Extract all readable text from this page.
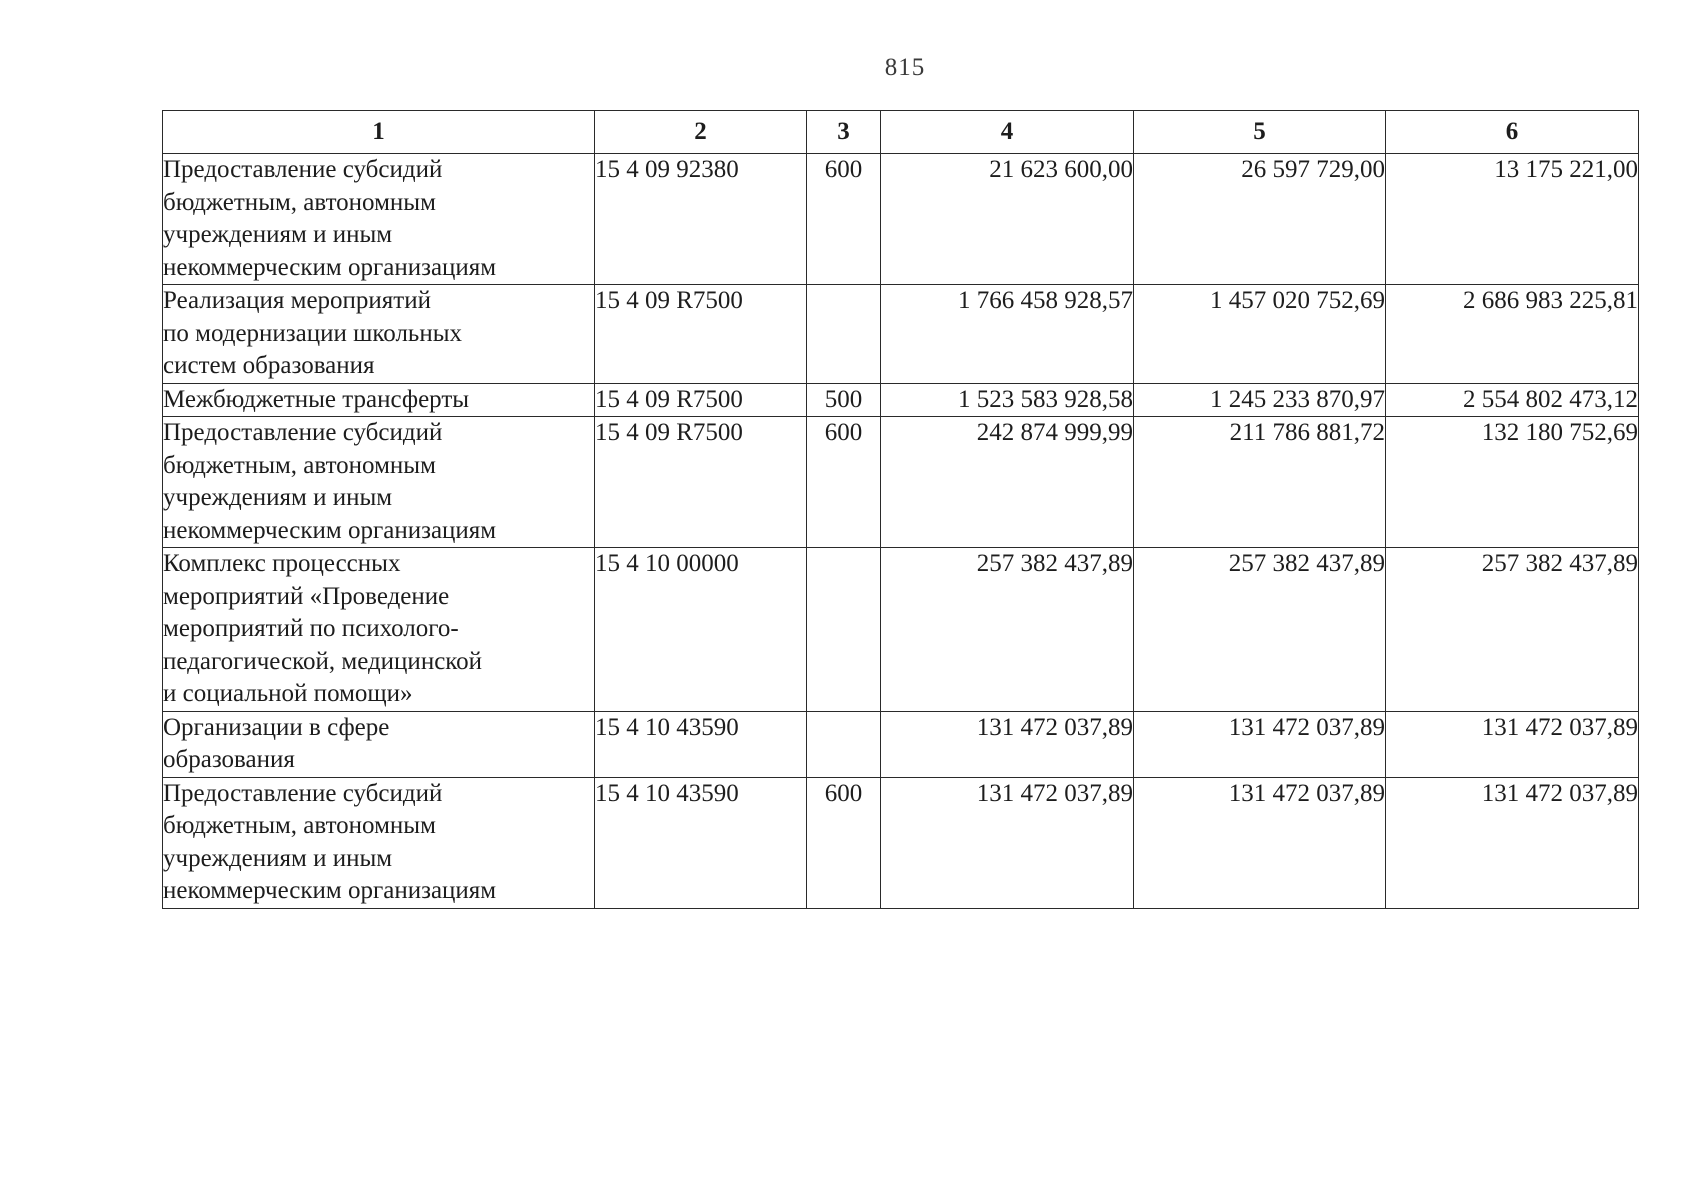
815
1	2	3	4	5	6

Предоставление субсидий
бюджетным, автономным
учреждениям и иным
некоммерческим организациям	15 4 09 92380	600	21 623 600,00	26 597 729,00	13 175 221,00

Реализация мероприятий
по модернизации школьных
систем образования	15 4 09 R7500		1 766 458 928,57	1 457 020 752,69	2 686 983 225,81

Межбюджетные трансферты	15 4 09 R7500	500	1 523 583 928,58	1 245 233 870,97	2 554 802 473,12

Предоставление субсидий
бюджетным, автономным
учреждениям и иным
некоммерческим организациям	15 4 09 R7500	600	242 874 999,99	211 786 881,72	132 180 752,69

Комплекс процессных
мероприятий «Проведение
мероприятий по психолого-
педагогической, медицинской
и социальной помощи»	15 4 10 00000		257 382 437,89	257 382 437,89	257 382 437,89

Организации в сфере
образования	15 4 10 43590		131 472 037,89	131 472 037,89	131 472 037,89

Предоставление субсидий
бюджетным, автономным
учреждениям и иным
некоммерческим организациям	15 4 10 43590	600	131 472 037,89	131 472 037,89	131 472 037,89
